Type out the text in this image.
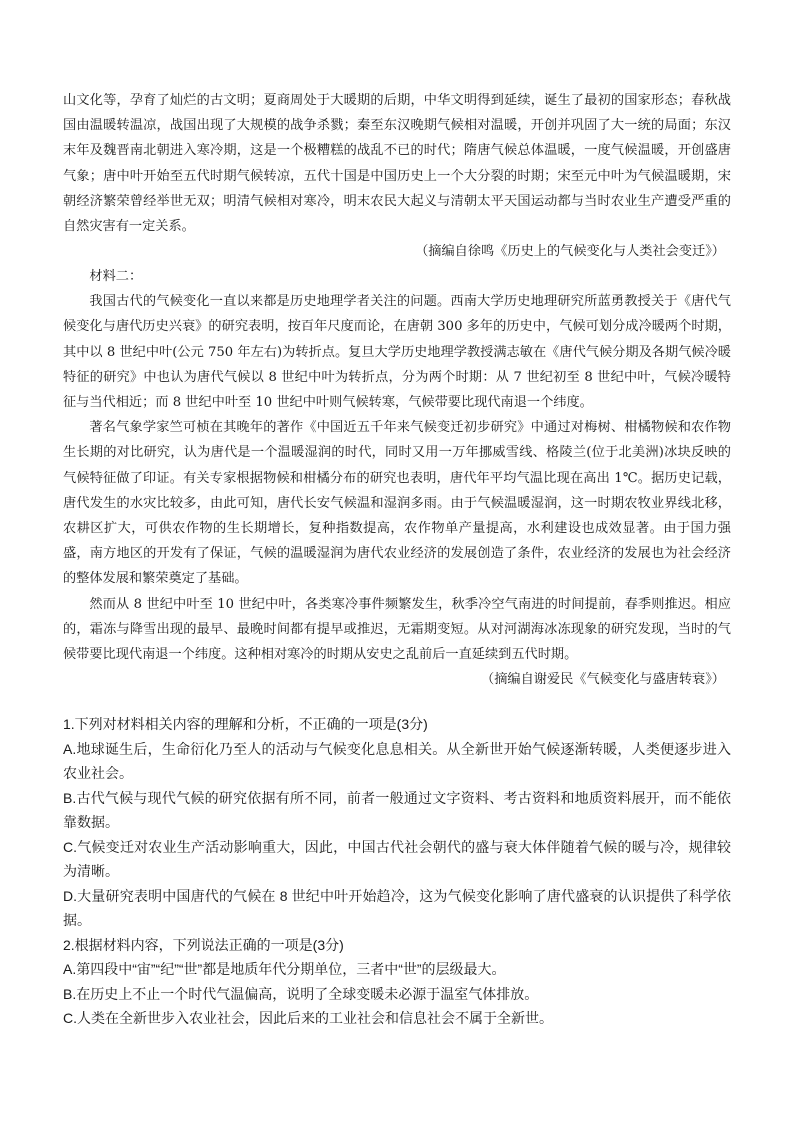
山文化等，孕育了灿烂的古文明；夏商周处于大暖期的后期，中华文明得到延续，诞生了最初的国家形态；春秋战国由温暖转温凉，战国出现了大规模的战争杀戮；秦至东汉晚期气候相对温暖，开创并巩固了大一统的局面；东汉末年及魏晋南北朝进入寒冷期，这是一个极糟糕的战乱不已的时代；隋唐气候总体温暖，一度气候温暖，开创盛唐气象；唐中叶开始至五代时期气候转凉，五代十国是中国历史上一个大分裂的时期；宋至元中叶为气候温暖期，宋朝经济繁荣曾经举世无双；明清气候相对寒冷，明末农民大起义与清朝太平天国运动都与当时农业生产遭受严重的自然灾害有一定关系。

（摘编自徐鸣《历史上的气候变化与人类社会变迁》）

材料二：

我国古代的气候变化一直以来都是历史地理学者关注的问题。西南大学历史地理研究所蓝勇教授关于《唐代气候变化与唐代历史兴衰》的研究表明，按百年尺度而论，在唐朝 300 多年的历史中，气候可划分成冷暖两个时期，其中以 8 世纪中叶(公元 750 年左右)为转折点。复旦大学历史地理学教授满志敏在《唐代气候分期及各期气候冷暖特征的研究》中也认为唐代气候以 8 世纪中叶为转折点，分为两个时期：从 7 世纪初至 8 世纪中叶，气候冷暖特征与当代相近；而 8 世纪中叶至 10 世纪中叶则气候转寒，气候带要比现代南退一个纬度。

著名气象学家竺可桢在其晚年的著作《中国近五千年来气候变迁初步研究》中通过对梅树、柑橘物候和农作物生长期的对比研究，认为唐代是一个温暖湿润的时代，同时又用一万年挪威雪线、格陵兰(位于北美洲)冰块反映的气候特征做了印证。有关专家根据物候和柑橘分布的研究也表明，唐代年平均气温比现在高出 1℃。据历史记载，唐代发生的水灾比较多，由此可知，唐代长安气候温和湿润多雨。由于气候温暖湿润，这一时期农牧业界线北移，农耕区扩大，可供农作物的生长期增长，复种指数提高，农作物单产量提高，水利建设也成效显著。由于国力强盛，南方地区的开发有了保证，气候的温暖湿润为唐代农业经济的发展创造了条件，农业经济的发展也为社会经济的整体发展和繁荣奠定了基础。

然而从 8 世纪中叶至 10 世纪中叶，各类寒冷事件频繁发生，秋季冷空气南进的时间提前，春季则推迟。相应的，霜冻与降雪出现的最早、最晚时间都有提早或推迟，无霜期变短。从对河湖海冰冻现象的研究发现，当时的气候带要比现代南退一个纬度。这种相对寒冷的时期从安史之乱前后一直延续到五代时期。

（摘编自谢爱民《气候变化与盛唐转衰》）

1.下列对材料相关内容的理解和分析，不正确的一项是(3分)

A.地球诞生后，生命衍化乃至人的活动与气候变化息息相关。从全新世开始气候逐渐转暖，人类便逐步进入农业社会。

B.古代气候与现代气候的研究依据有所不同，前者一般通过文字资料、考古资料和地质资料展开，而不能依靠数据。

C.气候变迁对农业生产活动影响重大，因此，中国古代社会朝代的盛与衰大体伴随着气候的暖与冷，规律较为清晰。

D.大量研究表明中国唐代的气候在 8 世纪中叶开始趋冷，这为气候变化影响了唐代盛衰的认识提供了科学依据。

2.根据材料内容，下列说法正确的一项是(3分)

A.第四段中“宙”“纪”“世”都是地质年代分期单位，三者中“世”的层级最大。

B.在历史上不止一个时代气温偏高，说明了全球变暖未必源于温室气体排放。

C.人类在全新世步入农业社会，因此后来的工业社会和信息社会不属于全新世。
